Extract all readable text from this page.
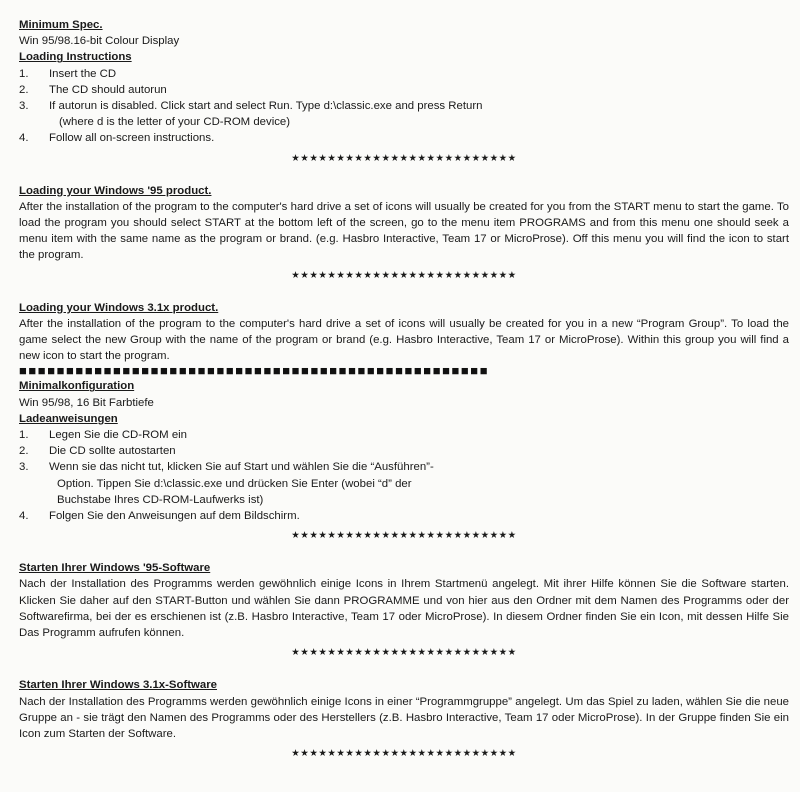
Minimum Spec.
Win 95/98.16-bit Colour Display
Loading Instructions
1. Insert the CD
2. The CD should autorun
3. If autorun is disabled. Click start and select Run. Type d:\classic.exe and press Return
(where d is the letter of your CD-ROM device)
4. Follow all on-screen instructions.
★★★★★★★★★★★★★★★★★★★★★★★★★
Loading your Windows '95 product.
After the installation of the program to the computer's hard drive a set of icons will usually be created for you from the START menu to start the game. To load the program you should select START at the bottom left of the screen, go to the menu item PROGRAMS and from this menu one should seek a menu item with the same name as the program or brand. (e.g. Hasbro Interactive, Team 17 or MicroProse). Off this menu you will find the icon to start the program.
★★★★★★★★★★★★★★★★★★★★★★★★★
Loading your Windows 3.1x product.
After the installation of the program to the computer's hard drive a set of icons will usually be created for you in a new “Program Group”. To load the game select the new Group with the name of the program or brand (e.g. Hasbro Interactive, Team 17 or MicroProse). Within this group you will find a new icon to start the program.
■■■■■■■■■■■■■■■■■■■■■■■■■■■■■■■■■■■■■■■■■■■■■■■■■■
Minimalkonfiguration
Win 95/98, 16 Bit Farbtiefe
Ladeanweisungen
1. Legen Sie die CD-ROM ein
2. Die CD sollte autostarten
3. Wenn sie das nicht tut, klicken Sie auf Start und wählen Sie die “Ausführen”-
Option. Tippen Sie d:\classic.exe und drücken Sie Enter (wobei “d” der
Buchstabe Ihres CD-ROM-Laufwerks ist)
4. Folgen Sie den Anweisungen auf dem Bildschirm.
★★★★★★★★★★★★★★★★★★★★★★★★★
Starten Ihrer Windows '95-Software
Nach der Installation des Programms werden gewöhnlich einige Icons in Ihrem Startmenü angelegt. Mit ihrer Hilfe können Sie die Software starten. Klicken Sie daher auf den START-Button und wählen Sie dann PROGRAMME und von hier aus den Ordner mit dem Namen des Programms oder der Softwarefirma, bei der es erschienen ist (z.B. Hasbro Interactive, Team 17 oder MicroProse). In diesem Ordner finden Sie ein Icon, mit dessen Hilfe Sie Das Programm aufrufen können.
★★★★★★★★★★★★★★★★★★★★★★★★★
Starten Ihrer Windows 3.1x-Software
Nach der Installation des Programms werden gewöhnlich einige Icons in einer “Programmgruppe” angelegt. Um das Spiel zu laden, wählen Sie die neue Gruppe an - sie trägt den Namen des Programms oder des Herstellers (z.B. Hasbro Interactive, Team 17 oder MicroProse). In der Gruppe finden Sie ein Icon zum Starten der Software.
★★★★★★★★★★★★★★★★★★★★★★★★★
